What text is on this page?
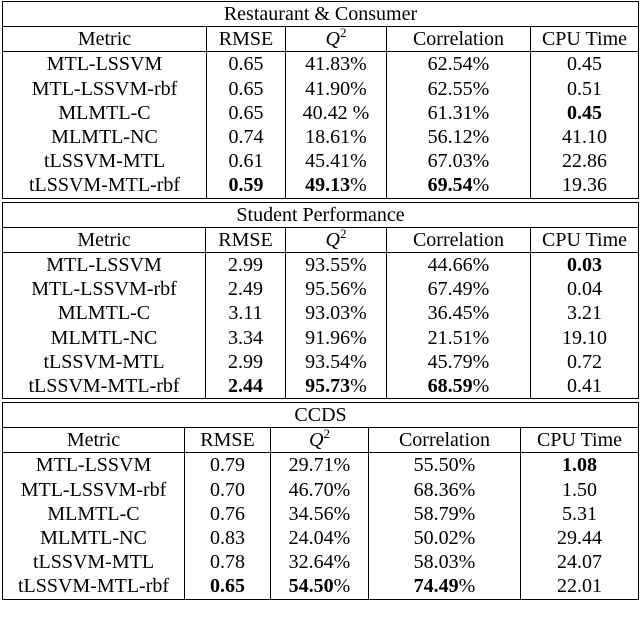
Restaurant & Consumer				
Metric	RMSE	$Q^2$	Correlation	CPU Time
MTL-LSSVM	0.65	41.83%	62.54%	0.45
MTL-LSSVM-rbf	0.65	41.90%	62.55%	0.51
MLMTL-C	0.65	40.42 %	61.31%	0.45
MLMTL-NC	0.74	18.61%	56.12%	41.10
tLSSVM-MTL	0.61	45.41%	67.03%	22.86
tLSSVM-MTL-rbf	0.59	49.13%	69.54%	19.36
Student Performance				
Metric	RMSE	$Q^2$	Correlation	CPU Time
MTL-LSSVM	2.99	93.55%	44.66%	0.03
MTL-LSSVM-rbf	2.49	95.56%	67.49%	0.04
MLMTL-C	3.11	93.03%	36.45%	3.21
MLMTL-NC	3.34	91.96%	21.51%	19.10
tLSSVM-MTL	2.99	93.54%	45.79%	0.72
tLSSVM-MTL-rbf	2.44	95.73%	68.59%	0.41
CCDS				
Metric	RMSE	$Q^2$	Correlation	CPU Time
MTL-LSSVM	0.79	29.71%	55.50%	1.08
MTL-LSSVM-rbf	0.70	46.70%	68.36%	1.50
MLMTL-C	0.76	34.56%	58.79%	5.31
MLMTL-NC	0.83	24.04%	50.02%	29.44
tLSSVM-MTL	0.78	32.64%	58.03%	24.07
tLSSVM-MTL-rbf	0.65	54.50%	74.49%	22.01
